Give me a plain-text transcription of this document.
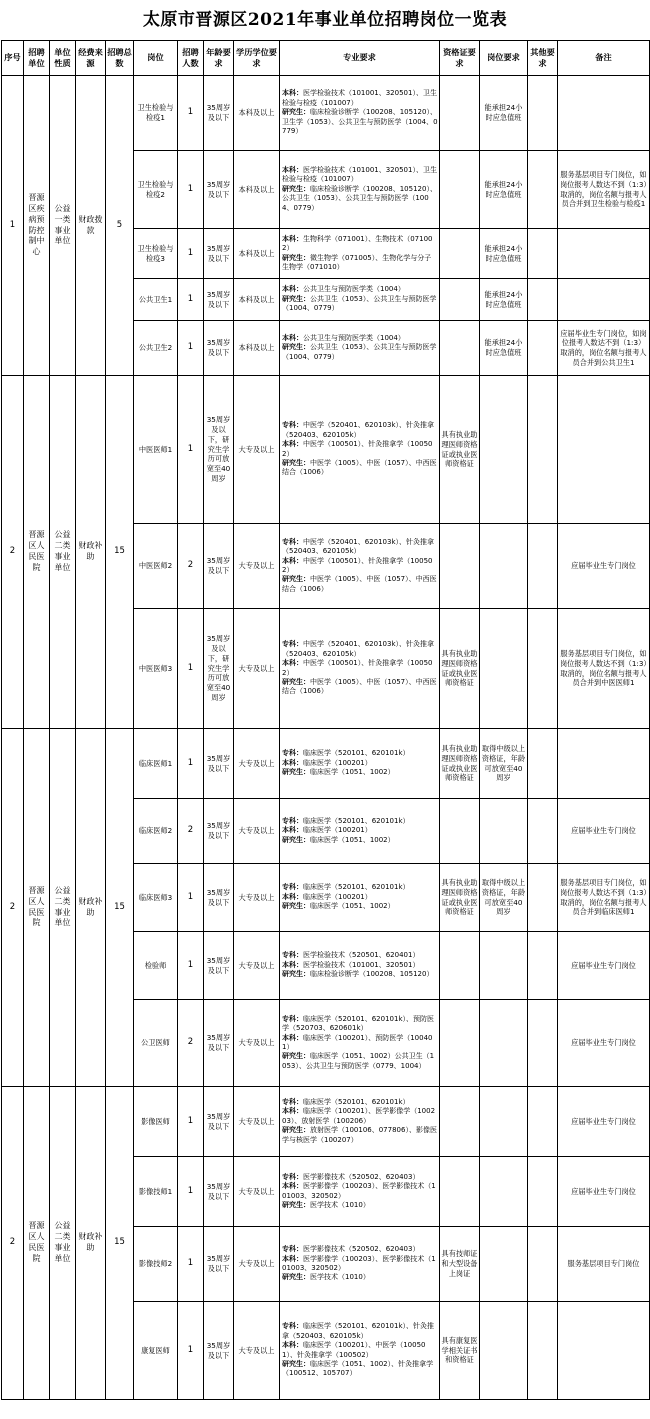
太原市晋源区2021年事业单位招聘岗位一览表
序号	招聘单位	单位性质	经费来源	招聘总数	岗位	招聘人数	年龄要求	学历学位要求	专业要求	资格证要求	岗位要求	其他要求	备注
1	晋源区疾病预防控制中心	公益一类事业单位	财政拨款	5	卫生检验与检疫1	1	35周岁及以下	本科及以上	本科：医学检验技术（101001、320501）、卫生检验与检疫（101007）
研究生：临床检验诊断学（100208、105120）、卫生学（1053）、公共卫生与预防医学（1004、0779）		能承担24小时应急值班		
					卫生检验与检疫2	1	35周岁及以下	本科及以上	本科：医学检验技术（101001、320501）、卫生检验与检疫（101007）
研究生：临床检验诊断学（100208、105120）、公共卫生（1053）、公共卫生与预防医学（1004、0779）		能承担24小时应急值班		服务基层项目专门岗位，如岗位报考人数达不到（1:3）取消的，岗位名额与报考人员合并到卫生检验与检疫1
					卫生检验与检疫3	1	35周岁及以下	本科及以上	本科：生物科学（071001）、生物技术（071002）
研究生：微生物学（071005）、生物化学与分子生物学（071010）		能承担24小时应急值班		
					公共卫生1	1	35周岁及以下	本科及以上	本科：公共卫生与预防医学类（1004）
研究生：公共卫生（1053）、公共卫生与预防医学（1004、0779）		能承担24小时应急值班		
					公共卫生2	1	35周岁及以下	本科及以上	本科：公共卫生与预防医学类（1004）
研究生：公共卫生（1053）、公共卫生与预防医学（1004、0779）		能承担24小时应急值班		应届毕业生专门岗位，如岗位报考人数达不到（1:3）取消的，岗位名额与报考人员合并到公共卫生1
2	晋源区人民医院	公益二类事业单位	财政补助	15	中医医师1	1	35周岁及以下，研究生学历可放宽至40周岁	大专及以上	专科：中医学（520401、620103k）、针灸推拿（520403、620105k）
本科：中医学（100501）、针灸推拿学（100502）
研究生：中医学（1005）、中医（1057）、中西医结合（1006）	具有执业助理医师资格证或执业医师资格证			
					中医医师2	2	35周岁及以下	大专及以上	专科：中医学（520401、620103k）、针灸推拿（520403、620105k）
本科：中医学（100501）、针灸推拿学（100502）
研究生：中医学（1005）、中医（1057）、中西医结合（1006）				应届毕业生专门岗位
					中医医师3	1	35周岁及以下，研究生学历可放宽至40周岁	大专及以上	专科：中医学（520401、620103k）、针灸推拿（520403、620105k）
本科：中医学（100501）、针灸推拿学（100502）
研究生：中医学（1005）、中医（1057）、中西医结合（1006）	具有执业助理医师资格证或执业医师资格证			服务基层项目专门岗位，如岗位报考人数达不到（1:3）取消的，岗位名额与报考人员合并到中医医师1
2	晋源区人民医院	公益二类事业单位	财政补助	15	临床医师1	1	35周岁及以下	大专及以上	专科：临床医学（520101、620101k）
本科：临床医学（100201）
研究生：临床医学（1051、1002）	具有执业助理医师资格证或执业医师资格证	取得中级以上资格证，年龄可放宽至40周岁		
					临床医师2	2	35周岁及以下	大专及以上	专科：临床医学（520101、620101k）
本科：临床医学（100201）
研究生：临床医学（1051、1002）				应届毕业生专门岗位
					临床医师3	1	35周岁及以下	大专及以上	专科：临床医学（520101、620101k）
本科：临床医学（100201）
研究生：临床医学（1051、1002）	具有执业助理医师资格证或执业医师资格证	取得中级以上资格证，年龄可放宽至40周岁		服务基层项目专门岗位，如岗位报考人数达不到（1:3）取消的，岗位名额与报考人员合并到临床医师1
					检验师	1	35周岁及以下	大专及以上	专科：医学检验技术（520501、620401）
本科：医学检验技术（101001、320501）
研究生：临床检验诊断学（100208、105120）				应届毕业生专门岗位
					公卫医师	2	35周岁及以下	大专及以上	专科：临床医学（520101、620101k）、预防医学（520703、620601k）
本科：临床医学（100201）、预防医学（100401）
研究生：临床医学（1051、1002）公共卫生（1053）、公共卫生与预防医学（0779、1004）				应届毕业生专门岗位
2	晋源区人民医院	公益二类事业单位	财政补助	15	影像医师	1	35周岁及以下	大专及以上	专科：临床医学（520101、620101k）
本科：临床医学（100201）、医学影像学（100203）、放射医学（100206）
研究生：放射医学（100106、077806）、影像医学与核医学（100207）				应届毕业生专门岗位
					影像技师1	1	35周岁及以下	大专及以上	专科：医学影像技术（520502、620403）
本科：医学影像学（100203）、医学影像技术（101003、320502）
研究生：医学技术（1010）				应届毕业生专门岗位
					影像技师2	1	35周岁及以下	大专及以上	专科：医学影像技术（520502、620403）
本科：医学影像学（100203）、医学影像技术（101003、320502）
研究生：医学技术（1010）	具有技师证和大型设备上岗证			服务基层项目专门岗位
					康复医师	1	35周岁及以下	大专及以上	专科：临床医学（520101、620101k）、针灸推拿（520403、620105k）
本科：临床医学（100201）、中医学（100501）、针灸推拿学（100502）
研究生：临床医学（1051、1002）、针灸推拿学（100512、105707）	具有康复医学相关证书和资格证			
